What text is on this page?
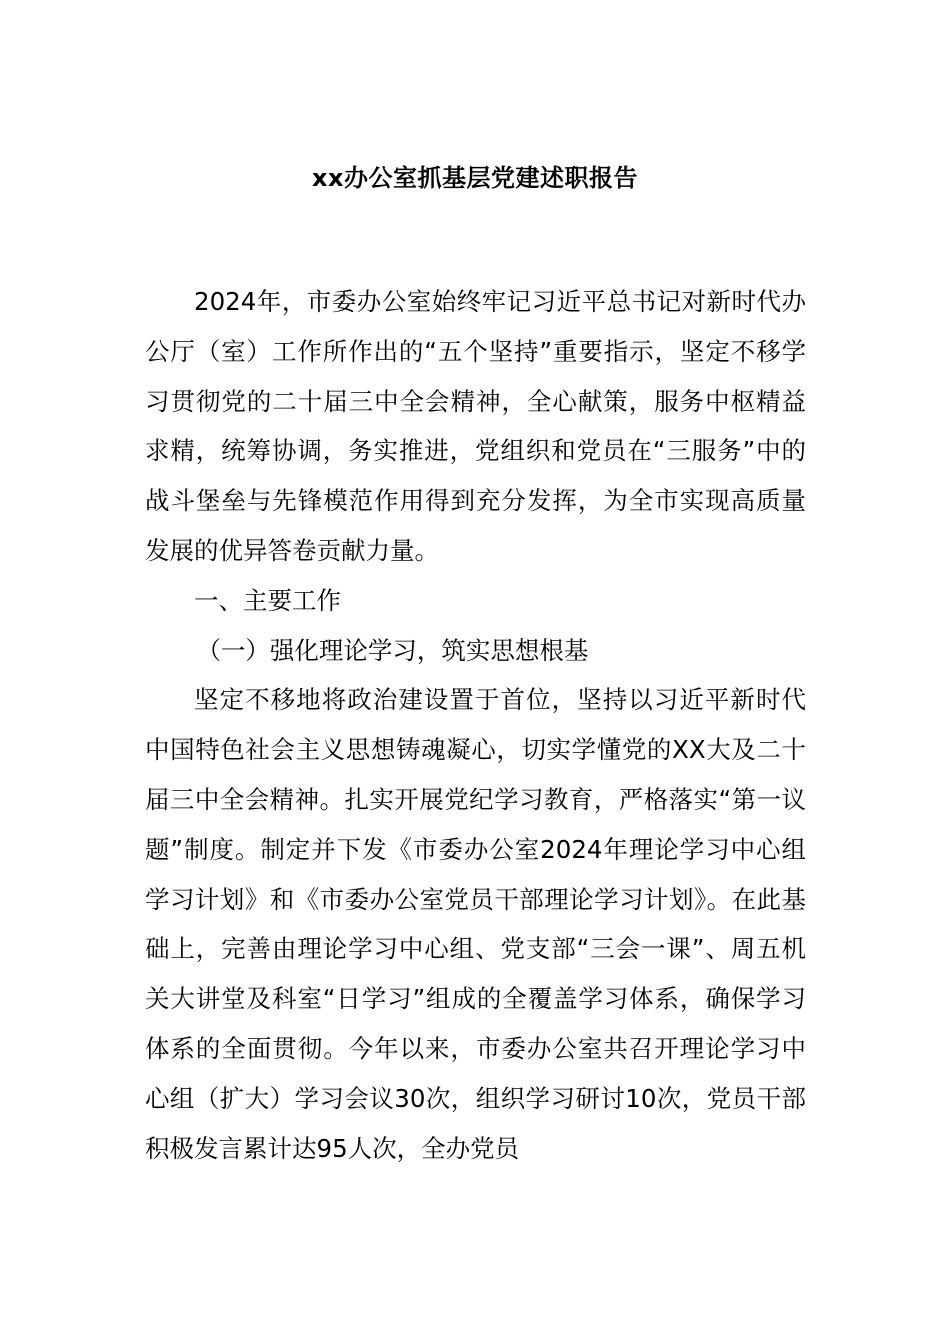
xx办公室抓基层党建述职报告

2024年，市委办公室始终牢记习近平总书记对新时代办公厅（室）工作所作出的“五个坚持”重要指示，坚定不移学习贯彻党的二十届三中全会精神，全心献策，服务中枢精益求精，统筹协调，务实推进，党组织和党员在“三服务”中的战斗堡垒与先锋模范作用得到充分发挥，为全市实现高质量发展的优异答卷贡献力量。

一、主要工作

（一）强化理论学习，筑实思想根基

坚定不移地将政治建设置于首位，坚持以习近平新时代中国特色社会主义思想铸魂凝心，切实学懂党的XX大及二十届三中全会精神。扎实开展党纪学习教育，严格落实“第一议题”制度。制定并下发《市委办公室2024年理论学习中心组学习计划》和《市委办公室党员干部理论学习计划》。在此基础上，完善由理论学习中心组、党支部“三会一课”、周五机关大讲堂及科室“日学习”组成的全覆盖学习体系，确保学习体系的全面贯彻。今年以来，市委办公室共召开理论学习中心组（扩大）学习会议30次，组织学习研讨10次，党员干部积极发言累计达95人次，全办党员
